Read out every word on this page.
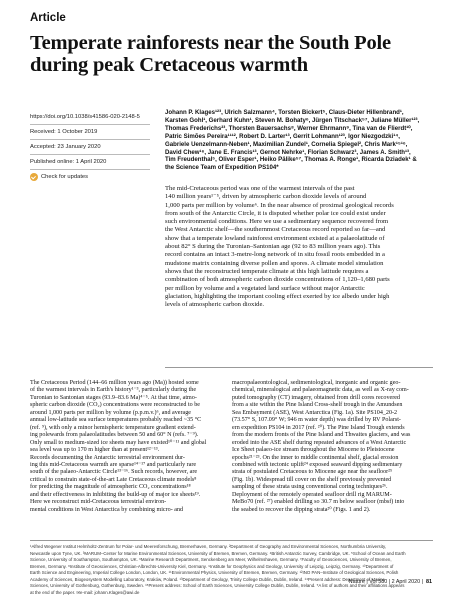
Article
Temperate rainforests near the South Pole
during peak Cretaceous warmth
https://doi.org/10.1038/s41586-020-2148-5
Received: 1 October 2019
Accepted: 23 January 2020
Published online: 1 April 2020
Check for updates
Johann P. Klages¹²³, Ulrich Salzmann⁴, Torsten Bickert⁵, Claus-Dieter Hillenbrand¹,
Karsten Gohl¹, Gerhard Kuhn¹, Steven M. Bohaty⁶, Jürgen Titschack⁵⁷, Juliane Müller¹²³,
Thomas Frederichs²³, Thorsten Bauersachs⁸, Werner Ehrmann⁹, Tina van de Flierdt¹⁰,
Patric Simões Pereira¹¹¹², Robert D. Larter¹³, Gerrit Lohmann¹²³, Igor Niezgodzki¹⁴,
Gabriele Uenzelmann-Neben¹, Maximilian Zundel¹, Cornelia Spiegel², Chris Mark¹⁵¹⁶,
David Chew¹⁶, Jane E. Francis¹³, Gernot Nehrke¹, Florian Schwarz³, James A. Smith¹³,
Tim Freudenthal⁵, Oliver Esper¹, Heiko Pälike⁵⁷, Thomas A. Ronge¹, Ricarda Dziadek¹ &
the Science Team of Expedition PS104*
The mid-Cretaceous period was one of the warmest intervals of the past
140 million years¹⁻⁵, driven by atmospheric carbon dioxide levels of around
1,000 parts per million by volume⁶. In the near absence of proximal geological records
from south of the Antarctic Circle, it is disputed whether polar ice could exist under
such environmental conditions. Here we use a sedimentary sequence recovered from
the West Antarctic shelf—the southernmost Cretaceous record reported so far—and
show that a temperate lowland rainforest environment existed at a palaeolatitude of
about 82° S during the Turonian–Santonian age (92 to 83 million years ago). This
record contains an intact 3-metre-long network of in situ fossil roots embedded in a
mudstone matrix containing diverse pollen and spores. A climate model simulation
shows that the reconstructed temperate climate at this high latitude requires a
combination of both atmospheric carbon dioxide concentrations of 1,120–1,680 parts
per million by volume and a vegetated land surface without major Antarctic
glaciation, highlighting the important cooling effect exerted by ice albedo under high
levels of atmospheric carbon dioxide.
The Cretaceous Period (144–66 million years ago (Ma)) hosted some
of the warmest intervals in Earth's history¹⁻³, particularly during the
Turonian to Santonian stages (93.9–83.6 Ma)⁴⁻⁵. At that time, atmo-
spheric carbon dioxide (CO₂) concentrations were reconstructed to be
around 1,000 parts per million by volume (p.p.m.v.)⁶, and average
annual low-latitude sea surface temperatures probably reached ~35 °C
(ref. ⁹), with only a minor hemispheric temperature gradient extend-
ing polewards from palaeolatitudes between 50 and 60° N (refs. ⁷⁻⁹).
Only small to medium-sized ice sheets may have existed¹⁰⁻¹¹ and global
sea level was up to 170 m higher than at present¹²⁻¹³.
Records documenting the Antarctic terrestrial environment dur-
ing this mid-Cretaceous warmth are sparse¹⁴⁻¹⁷ and particularly rare
south of the palaeo-Antarctic Circle¹³⁻¹⁶. Such records, however, are
critical to constrain state-of-the-art Late Cretaceous climate models⁸
for predicting the magnitude of atmospheric CO₂ concentrations¹⁸
and their effectiveness in inhibiting the build-up of major ice sheets¹⁹.
Here we reconstruct mid-Cretaceous terrestrial environ-
mental conditions in West Antarctica by combining micro- and
macropalaeontological, sedimentological, inorganic and organic geo-
chemical, mineralogical and palaeomagnetic data, as well as X-ray com-
puted tomography (CT) imagery, obtained from drill cores recovered
from a site within the Pine Island Cross-shelf trough in the Amundsen
Sea Embayment (ASE), West Antarctica (Fig. 1a). Site PS104_20-2
(73.57° S, 107.09° W; 946 m water depth) was drilled by RV Polarst-
ern expedition PS104 in 2017 (ref. ²⁰). The Pine Island Trough extends
from the modern fronts of the Pine Island and Thwaites glaciers, and was
eroded into the ASE shelf during repeated advances of a West Antarctic
Ice Sheet palaeo-ice stream throughout the Miocene to Pleistocene
epochs²¹⁻²³. On the inner to middle continental shelf, glacial erosion
combined with tectonic uplift²⁴ exposed seaward dipping sedimentary
strata of postulated Cretaceous to Miocene age near the seafloor²⁵
(Fig. 1b). Widespread till cover on the shelf previously prevented
sampling of these strata using conventional coring techniques²⁶.
Deployment of the remotely operated seafloor drill rig MARUM-
MeBo70 (ref. ²⁷) enabled drilling so 30.7 m below seafloor (mbsf) into
the seabed to recover the dipping strata²⁰ (Figs. 1 and 2).
¹Alfred Wegener Institut Helmholtz-Zentrum für Polar- und Meeresforschung, Bremerhaven, Germany. ²Department of Geography and Environmental Sciences, Northumbria University,
Newcastle upon Tyne, UK. ³MARUM–Center for Marine Environmental Sciences, University of Bremen, Bremen, Germany. ⁴British Antarctic Survey, Cambridge, UK. ⁵School of Ocean and Earth
Science, University of Southampton, Southampton, UK. ⁶Marine Research Department, Senckenberg am Meer, Wilhelmshaven, Germany. ⁷Faculty of Geosciences, University of Bremen,
Bremen, Germany. ⁸Institute of Geosciences, Christian-Albrechts-University Kiel, Germany. ⁹Institute for Geophysics and Geology, University of Leipzig, Leipzig, Germany. ¹⁰Department of
Earth Science and Engineering, Imperial College London, London, UK. ¹¹Environmental Physics, University of Bremen, Bremen, Germany. ¹²INO PAN–Institute of Geological Sciences, Polish
Academy of Sciences, Biogeosystem Modelling Laboratory, Kraków, Poland. ¹³Department of Geology, Trinity College Dublin, Dublin, Ireland. ¹⁴Present address: Department of Marine
Sciences, University of Gothenburg, Gothenburg, Sweden. ¹⁵Present address: School of Earth Sciences, University College Dublin, Dublin, Ireland. *A list of authors and their affiliations appears
at the end of the paper. ✉e-mail: johann.Klages@awi.de
Nature | Vol 580 | 2 April 2020 | 81
